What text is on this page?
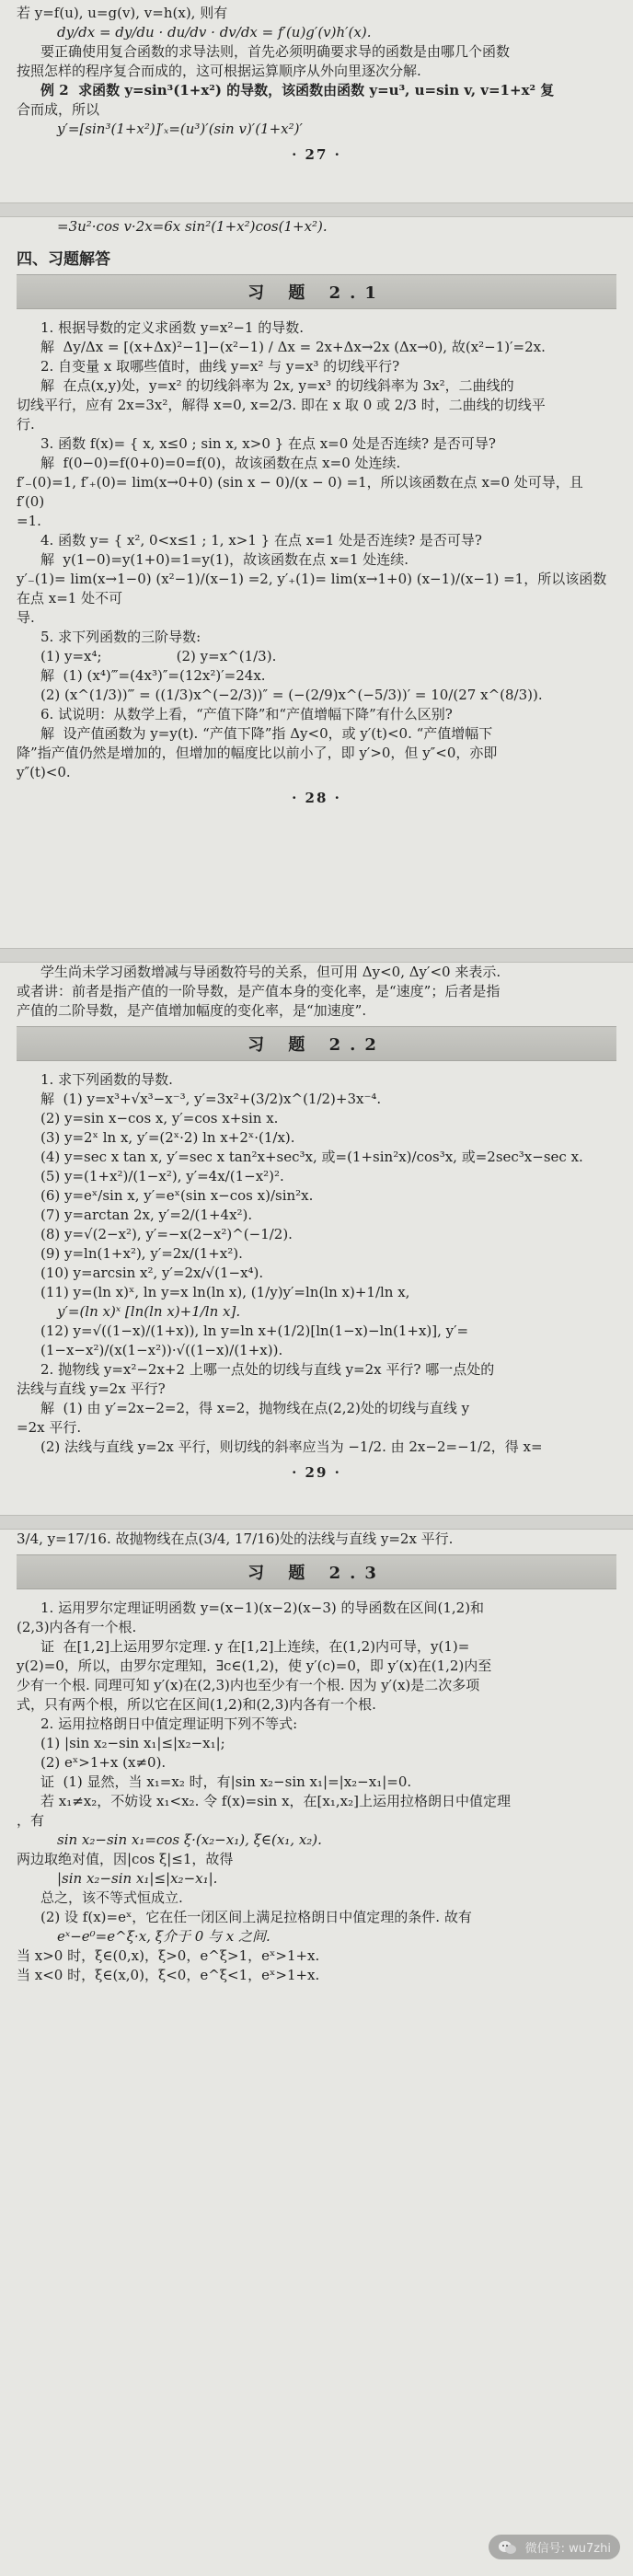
若 y=f(u), u=g(v), v=h(x), 则有

dy/dx = dy/du · du/dv · dv/dx = f′(u)g′(v)h′(x).

要正确使用复合函数的求导法则，首先必须明确要求导的函数是由哪几个函数

按照怎样的程序复合而成的，这可根据运算顺序从外向里逐次分解.

例 2  求函数 y=sin³(1+x²) 的导数，该函数由函数 y=u³, u=sin v, v=1+x² 复

合而成，所以

y′=[sin³(1+x²)]′ₓ=(u³)′(sin v)′(1+x²)′

· 27 ·

=3u²·cos v·2x=6x sin²(1+x²)cos(1+x²).

四、习题解答
习 题 2.1

1. 根据导数的定义求函数 y=x²−1 的导数.

解  Δy/Δx = [(x+Δx)²−1]−(x²−1) / Δx = 2x+Δx→2x (Δx→0), 故(x²−1)′=2x.

2. 自变量 x 取哪些值时，曲线 y=x² 与 y=x³ 的切线平行?

解  在点(x,y)处，y=x² 的切线斜率为 2x, y=x³ 的切线斜率为 3x²，二曲线的

切线平行，应有 2x=3x²，解得 x=0, x=2/3. 即在 x 取 0 或 2/3 时，二曲线的切线平

行.

3. 函数 f(x)= { x, x≤0 ; sin x, x>0 } 在点 x=0 处是否连续? 是否可导?

解  f(0−0)=f(0+0)=0=f(0)，故该函数在点 x=0 处连续.

f′₋(0)=1, f′₊(0)= lim(x→0+0) (sin x − 0)/(x − 0) =1，所以该函数在点 x=0 处可导，且 f′(0)

=1.

4. 函数 y= { x², 0<x≤1 ; 1, x>1 } 在点 x=1 处是否连续? 是否可导?

解  y(1−0)=y(1+0)=1=y(1)，故该函数在点 x=1 处连续.

y′₋(1)= lim(x→1−0) (x²−1)/(x−1) =2, y′₊(1)= lim(x→1+0) (x−1)/(x−1) =1，所以该函数在点 x=1 处不可

导.

5. 求下列函数的三阶导数:

(1) y=x⁴;                 (2) y=x^(1/3).

解  (1) (x⁴)‴=(4x³)″=(12x²)′=24x.

(2) (x^(1/3))‴ = ((1/3)x^(−2/3))″ = (−(2/9)x^(−5/3))′ = 10/(27 x^(8/3)).

6. 试说明：从数学上看，“产值下降”和“产值增幅下降”有什么区别?

解  设产值函数为 y=y(t). “产值下降”指 Δy<0，或 y′(t)<0. “产值增幅下

降”指产值仍然是增加的，但增加的幅度比以前小了，即 y′>0，但 y″<0，亦即

y″(t)<0.

· 28 ·

学生尚未学习函数增减与导函数符号的关系，但可用 Δy<0, Δy′<0 来表示.

或者讲：前者是指产值的一阶导数，是产值本身的变化率，是“速度”；后者是指

产值的二阶导数，是产值增加幅度的变化率，是“加速度”.

习 题 2.2

1. 求下列函数的导数.

解  (1) y=x³+√x³−x⁻³, y′=3x²+(3/2)x^(1/2)+3x⁻⁴.

(2) y=sin x−cos x, y′=cos x+sin x.

(3) y=2ˣ ln x, y′=(2ˣ·2) ln x+2ˣ·(1/x).

(4) y=sec x tan x, y′=sec x tan²x+sec³x, 或=(1+sin²x)/cos³x, 或=2sec³x−sec x.

(5) y=(1+x²)/(1−x²), y′=4x/(1−x²)².

(6) y=eˣ/sin x, y′=eˣ(sin x−cos x)/sin²x.

(7) y=arctan 2x, y′=2/(1+4x²).

(8) y=√(2−x²), y′=−x(2−x²)^(−1/2).

(9) y=ln(1+x²), y′=2x/(1+x²).

(10) y=arcsin x², y′=2x/√(1−x⁴).

(11) y=(ln x)ˣ, ln y=x ln(ln x), (1/y)y′=ln(ln x)+1/ln x,

y′=(ln x)ˣ [ln(ln x)+1/ln x].

(12) y=√((1−x)/(1+x)), ln y=ln x+(1/2)[ln(1−x)−ln(1+x)], y′=(1−x−x²)/(x(1−x²))·√((1−x)/(1+x)).

2. 抛物线 y=x²−2x+2 上哪一点处的切线与直线 y=2x 平行? 哪一点处的

法线与直线 y=2x 平行?

解  (1) 由 y′=2x−2=2，得 x=2，抛物线在点(2,2)处的切线与直线 y

=2x 平行.

(2) 法线与直线 y=2x 平行，则切线的斜率应当为 −1/2. 由 2x−2=−1/2，得 x=

· 29 ·

3/4, y=17/16. 故抛物线在点(3/4, 17/16)处的法线与直线 y=2x 平行.

习 题 2.3

1. 运用罗尔定理证明函数 y=(x−1)(x−2)(x−3) 的导函数在区间(1,2)和

(2,3)内各有一个根.

证  在[1,2]上运用罗尔定理. y 在[1,2]上连续，在(1,2)内可导，y(1)=

y(2)=0，所以，由罗尔定理知，∃c∈(1,2)，使 y′(c)=0，即 y′(x)在(1,2)内至

少有一个根. 同理可知 y′(x)在(2,3)内也至少有一个根. 因为 y′(x)是二次多项

式，只有两个根，所以它在区间(1,2)和(2,3)内各有一个根.

2. 运用拉格朗日中值定理证明下列不等式:

(1) |sin x₂−sin x₁|≤|x₂−x₁|;

(2) eˣ>1+x (x≠0).

证  (1) 显然，当 x₁=x₂ 时，有|sin x₂−sin x₁|=|x₂−x₁|=0.

若 x₁≠x₂，不妨设 x₁<x₂. 令 f(x)=sin x，在[x₁,x₂]上运用拉格朗日中值定理

，有

sin x₂−sin x₁=cos ξ·(x₂−x₁), ξ∈(x₁, x₂).

两边取绝对值，因|cos ξ|≤1，故得

|sin x₂−sin x₁|≤|x₂−x₁|.

总之，该不等式恒成立.

(2) 设 f(x)=eˣ，它在任一闭区间上满足拉格朗日中值定理的条件. 故有

eˣ−e⁰=e^ξ·x, ξ介于 0 与 x 之间.

当 x>0 时，ξ∈(0,x)，ξ>0，e^ξ>1，eˣ>1+x.

当 x<0 时，ξ∈(x,0)，ξ<0，e^ξ<1，eˣ>1+x.

微信号: wu7zhi
